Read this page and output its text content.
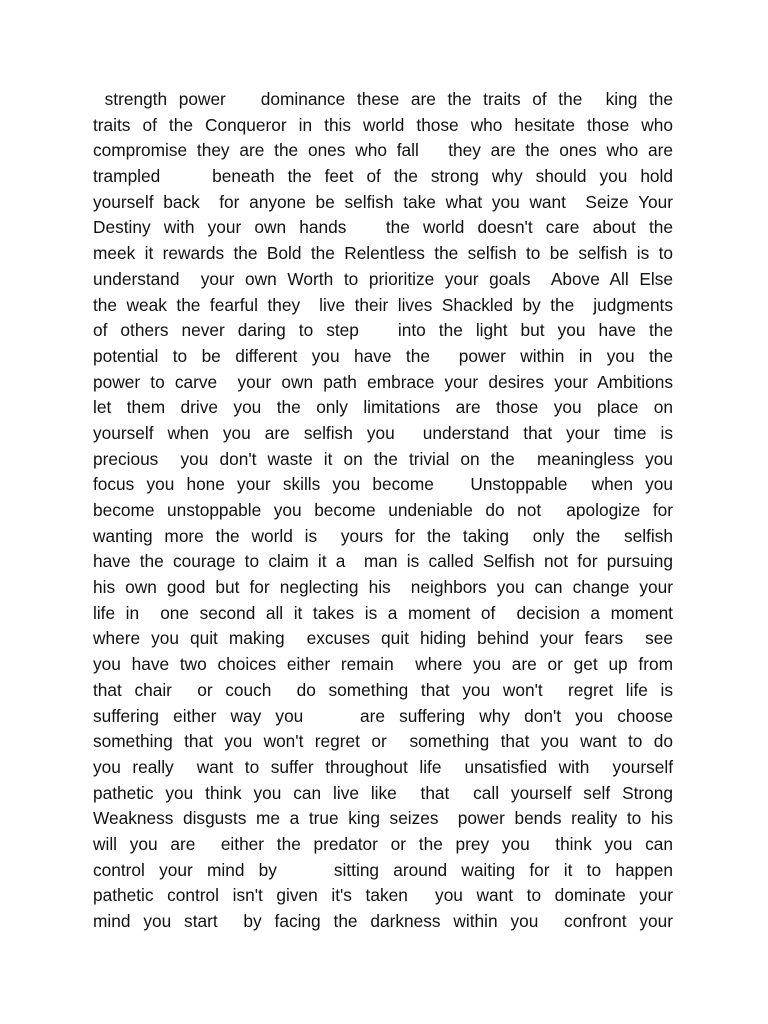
strength power   dominance these are the traits of the  king the
traits of the Conqueror in this world those who hesitate those who
compromise they are the ones who fall   they are the ones who are
trampled    beneath the feet of the strong why should you hold
yourself back  for anyone be selfish take what you want  Seize Your
Destiny with your own hands   the world doesn't care about the
meek it rewards the Bold the Relentless the selfish to be selfish is to
understand  your own Worth to prioritize your goals  Above All Else
the weak the fearful they  live their lives Shackled by the  judgments
of others never daring to step   into the light but you have the
potential to be different you have the  power within in you the
power to carve  your own path embrace your desires your Ambitions
let them drive you the only limitations are those you place on
yourself when you are selfish you  understand that your time is
precious  you don't waste it on the trivial on the  meaningless you
focus you hone your skills you become   Unstoppable  when you
become unstoppable you become undeniable do not  apologize for
wanting more the world is  yours for the taking  only the  selfish
have the courage to claim it a  man is called Selfish not for pursuing
his own good but for neglecting his  neighbors you can change your
life in  one second all it takes is a moment of  decision a moment
where you quit making  excuses quit hiding behind your fears  see
you have two choices either remain  where you are or get up from
that chair  or couch  do something that you won't  regret life is
suffering either way you    are suffering why don't you choose
something that you won't regret or  something that you want to do
you really  want to suffer throughout life  unsatisfied with  yourself
pathetic you think you can live like  that  call yourself self Strong
Weakness disgusts me a true king seizes  power bends reality to his
will you are  either the predator or the prey you  think you can
control your mind by    sitting around waiting for it to happen
pathetic control isn't given it's taken  you want to dominate your
mind you start  by facing the darkness within you  confront your
